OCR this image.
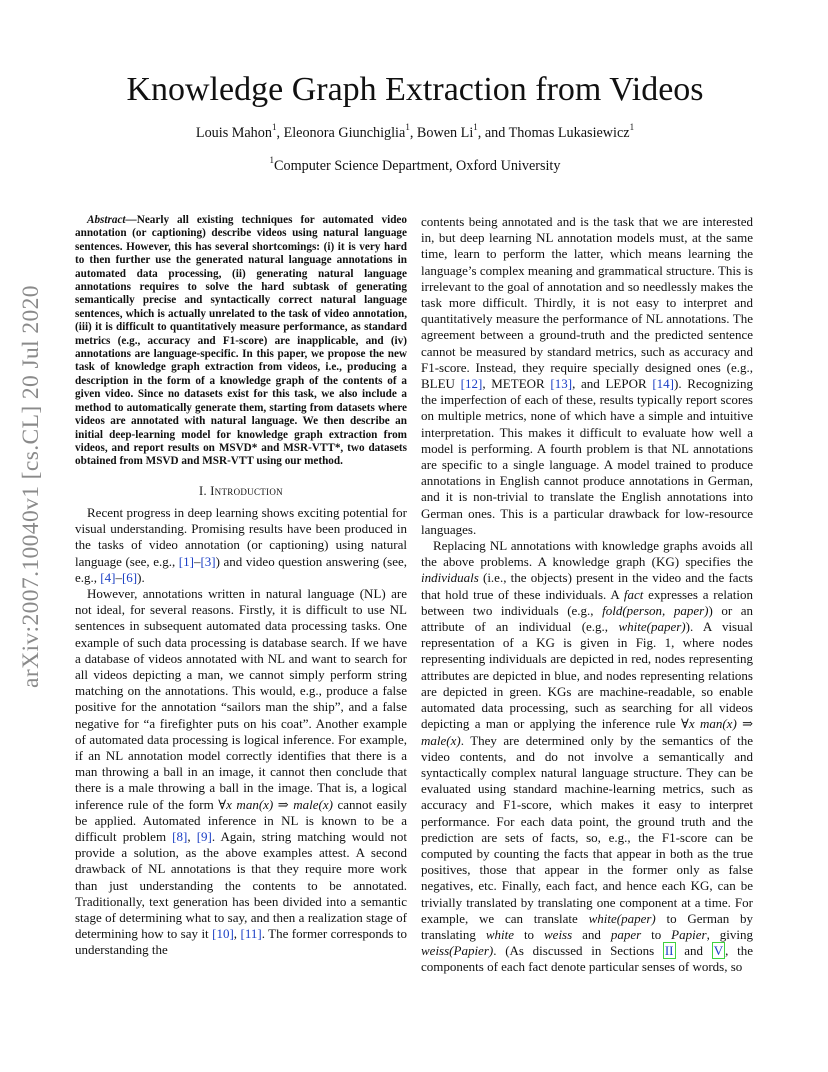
arXiv:2007.10040v1 [cs.CL] 20 Jul 2020
Knowledge Graph Extraction from Videos
Louis Mahon$^1$, Eleonora Giunchiglia$^1$, Bowen Li$^1$, and Thomas Lukasiewicz$^1$
$^1$Computer Science Department, Oxford University

Abstract—Nearly all existing techniques for automated video annotation (or captioning) describe videos using natural language sentences. However, this has several shortcomings: (i) it is very hard to then further use the generated natural language annotations in automated data processing, (ii) generating natural language annotations requires to solve the hard subtask of generating semantically precise and syntactically correct natural language sentences, which is actually unrelated to the task of video annotation, (iii) it is difficult to quantitatively measure performance, as standard metrics (e.g., accuracy and F1-score) are inapplicable, and (iv) annotations are language-specific. In this paper, we propose the new task of knowledge graph extraction from videos, i.e., producing a description in the form of a knowledge graph of the contents of a given video. Since no datasets exist for this task, we also include a method to automatically generate them, starting from datasets where videos are annotated with natural language. We then describe an initial deep-learning model for knowledge graph extraction from videos, and report results on MSVD* and MSR-VTT*, two datasets obtained from MSVD and MSR-VTT using our method.

I. Introduction

Recent progress in deep learning shows exciting potential for visual understanding. Promising results have been produced in the tasks of video annotation (or captioning) using natural language (see, e.g., [1]–[3]) and video question answering (see, e.g., [4]–[6]).

However, annotations written in natural language (NL) are not ideal, for several reasons. Firstly, it is difficult to use NL sentences in subsequent automated data processing tasks. One example of such data processing is database search. If we have a database of videos annotated with NL and want to search for all videos depicting a man, we cannot simply perform string matching on the annotations. This would, e.g., produce a false positive for the annotation “sailors man the ship”, and a false negative for “a firefighter puts on his coat”. Another example of automated data processing is logical inference. For example, if an NL annotation model correctly identifies that there is a man throwing a ball in an image, it cannot then conclude that there is a male throwing a ball in the image. That is, a logical inference rule of the form ∀x man(x) ⇒ male(x) cannot easily be applied. Automated inference in NL is known to be a difficult problem [8], [9]. Again, string matching would not provide a solution, as the above examples attest. A second drawback of NL annotations is that they require more work than just understanding the contents to be annotated. Traditionally, text generation has been divided into a semantic stage of determining what to say, and then a realization stage of determining how to say it [10], [11]. The former corresponds to understanding the

contents being annotated and is the task that we are interested in, but deep learning NL annotation models must, at the same time, learn to perform the latter, which means learning the language’s complex meaning and grammatical structure. This is irrelevant to the goal of annotation and so needlessly makes the task more difficult. Thirdly, it is not easy to interpret and quantitatively measure the performance of NL annotations. The agreement between a ground-truth and the predicted sentence cannot be measured by standard metrics, such as accuracy and F1-score. Instead, they require specially designed ones (e.g., BLEU [12], METEOR [13], and LEPOR [14]). Recognizing the imperfection of each of these, results typically report scores on multiple metrics, none of which have a simple and intuitive interpretation. This makes it difficult to evaluate how well a model is performing. A fourth problem is that NL annotations are specific to a single language. A model trained to produce annotations in English cannot produce annotations in German, and it is non-trivial to translate the English annotations into German ones. This is a particular drawback for low-resource languages.

Replacing NL annotations with knowledge graphs avoids all the above problems. A knowledge graph (KG) specifies the individuals (i.e., the objects) present in the video and the facts that hold true of these individuals. A fact expresses a relation between two individuals (e.g., fold(person, paper)) or an attribute of an individual (e.g., white(paper)). A visual representation of a KG is given in Fig. 1, where nodes representing individuals are depicted in red, nodes representing attributes are depicted in blue, and nodes representing relations are depicted in green. KGs are machine-readable, so enable automated data processing, such as searching for all videos depicting a man or applying the inference rule ∀x man(x) ⇒ male(x). They are determined only by the semantics of the video contents, and do not involve a semantically and syntactically complex natural language structure. They can be evaluated using standard machine-learning metrics, such as accuracy and F1-score, which makes it easy to interpret performance. For each data point, the ground truth and the prediction are sets of facts, so, e.g., the F1-score can be computed by counting the facts that appear in both as the true positives, those that appear in the former only as false negatives, etc. Finally, each fact, and hence each KG, can be trivially translated by translating one component at a time. For example, we can translate white(paper) to German by translating white to weiss and paper to Papier, giving weiss(Papier). (As discussed in Sections II and V , the components of each fact denote particular senses of words, so
